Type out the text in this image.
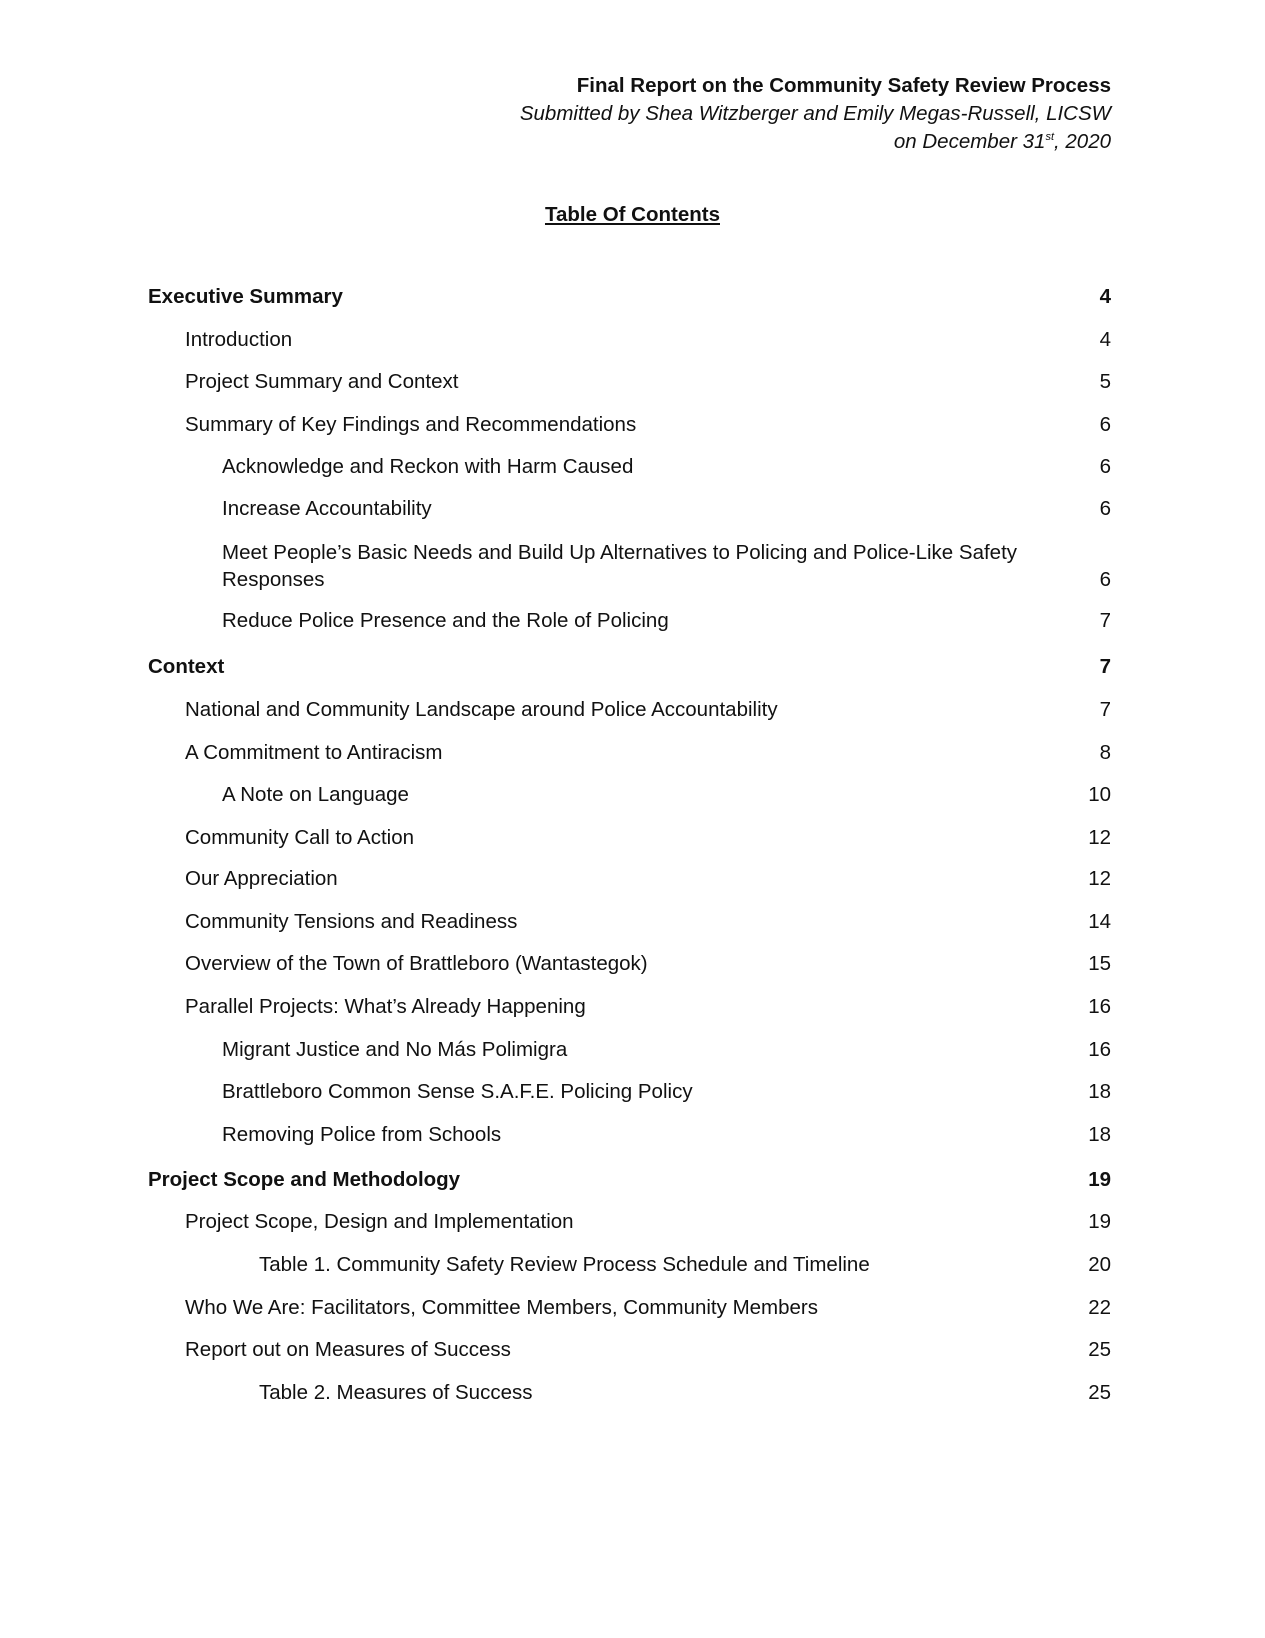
Final Report on the Community Safety Review Process
Submitted by Shea Witzberger and Emily Megas-Russell, LICSW
on December 31st, 2020
Table Of Contents
Executive Summary	4
Introduction	4
Project Summary and Context	5
Summary of Key Findings and Recommendations	6
Acknowledge and Reckon with Harm Caused	6
Increase Accountability	6
Meet People’s Basic Needs and Build Up Alternatives to Policing and Police-Like Safety
Responses	6
Reduce Police Presence and the Role of Policing	7
Context	7
National and Community Landscape around Police Accountability	7
A Commitment to Antiracism	8
A Note on Language	10
Community Call to Action	12
Our Appreciation	12
Community Tensions and Readiness	14
Overview of the Town of Brattleboro (Wantastegok)	15
Parallel Projects: What’s Already Happening	16
Migrant Justice and No Más Polimigra	16
Brattleboro Common Sense S.A.F.E. Policing Policy	18
Removing Police from Schools	18
Project Scope and Methodology	19
Project Scope, Design and Implementation	19
Table 1. Community Safety Review Process Schedule and Timeline	20
Who We Are: Facilitators, Committee Members, Community Members	22
Report out on Measures of Success	25
Table 2. Measures of Success	25
